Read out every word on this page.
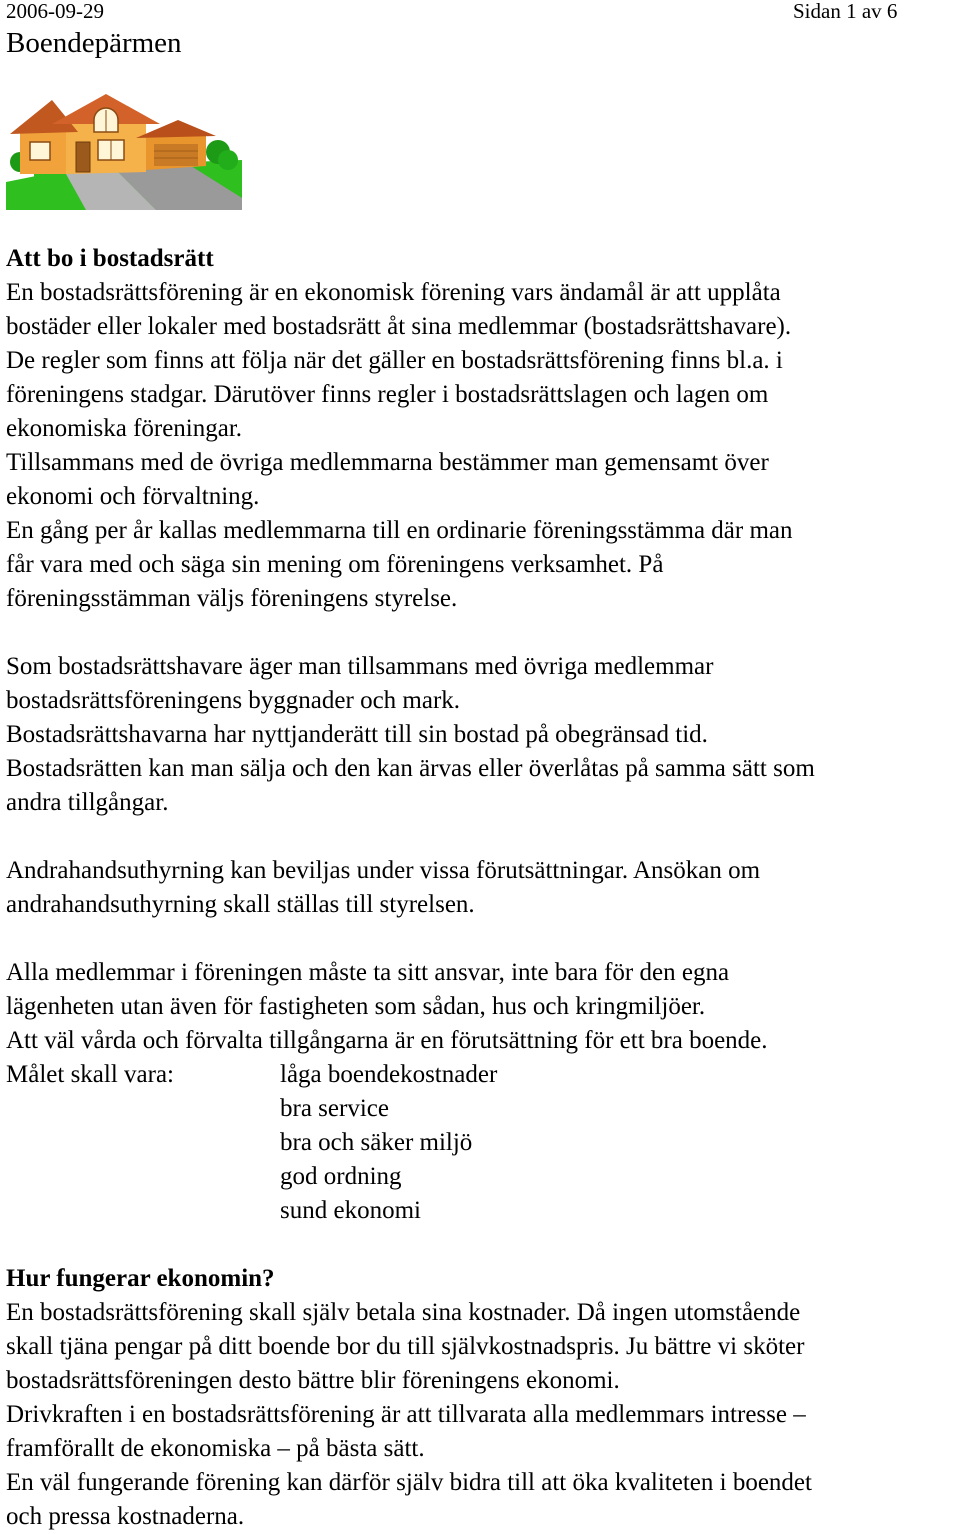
2006-09-29	Sidan 1 av 6
Boendepärmen

Att bo i bostadsrätt

En bostadsrättsförening är en ekonomisk förening vars ändamål är att upplåta

bostäder eller lokaler med bostadsrätt åt sina medlemmar (bostadsrättshavare).

De regler som finns att följa när det gäller en bostadsrättsförening finns bl.a. i

föreningens stadgar. Därutöver finns regler i bostadsrättslagen och lagen om

ekonomiska föreningar.

Tillsammans med de övriga medlemmarna bestämmer man gemensamt över

ekonomi och förvaltning.

En gång per år kallas medlemmarna till en ordinarie föreningsstämma där man

får vara med och säga sin mening om föreningens verksamhet. På

föreningsstämman väljs föreningens styrelse.

Som bostadsrättshavare äger man tillsammans med övriga medlemmar

bostadsrättsföreningens byggnader och mark.

Bostadsrättshavarna har nyttjanderätt till sin bostad på obegränsad tid.

Bostadsrätten kan man sälja och den kan ärvas eller överlåtas på samma sätt som

andra tillgångar.

Andrahandsuthyrning kan beviljas under vissa förutsättningar. Ansökan om

andrahandsuthyrning skall ställas till styrelsen.

Alla medlemmar i föreningen måste ta sitt ansvar, inte bara för den egna

lägenheten utan även för fastigheten som sådan, hus och kringmiljöer.

Att väl vårda och förvalta tillgångarna är en förutsättning för ett bra boende.

Målet skall vara:	låga boendekostnader

bra service

bra och säker miljö

god ordning

sund ekonomi

Hur fungerar ekonomin?

En bostadsrättsförening skall själv betala sina kostnader. Då ingen utomstående

skall tjäna pengar på ditt boende bor du till självkostnadspris. Ju bättre vi sköter

bostadsrättsföreningen desto bättre blir föreningens ekonomi.

Drivkraften i en bostadsrättsförening är att tillvarata alla medlemmars intresse –

framförallt de ekonomiska – på bästa sätt.

En väl fungerande förening kan därför själv bidra till att öka kvaliteten i boendet

och pressa kostnaderna.
